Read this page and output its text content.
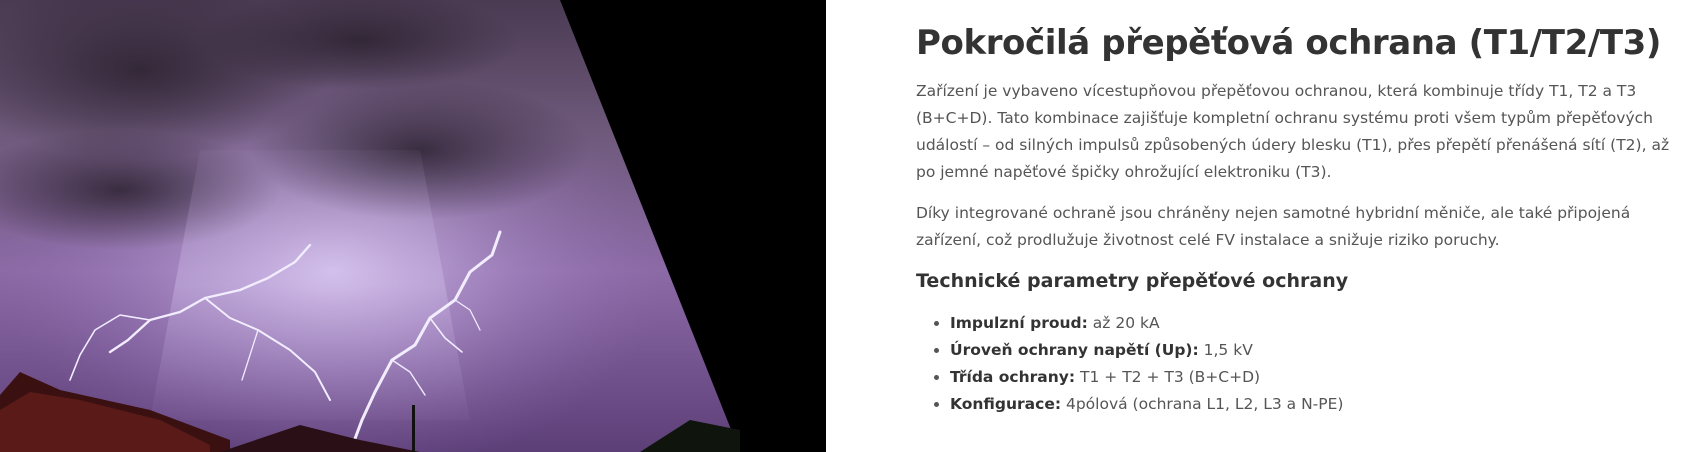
Pokročilá přepěťová ochrana (T1/T2/T3)

Zařízení je vybaveno vícestupňovou přepěťovou ochranou, která kombinuje třídy T1, T2 a T3 (B+C+D). Tato kombinace zajišťuje kompletní ochranu systému proti všem typům přepěťových událostí – od silných impulsů způsobených údery blesku (T1), přes přepětí přenášená sítí (T2), až po jemné napěťové špičky ohrožující elektroniku (T3).

Díky integrované ochraně jsou chráněny nejen samotné hybridní měniče, ale také připojená zařízení, což prodlužuje životnost celé FV instalace a snižuje riziko poruchy.

Technické parametry přepěťové ochrany
• Impulzní proud: až 20 kA
• Úroveň ochrany napětí (Up): 1,5 kV
• Třída ochrany: T1 + T2 + T3 (B+C+D)
• Konfigurace: 4pólová (ochrana L1, L2, L3 a N-PE)
